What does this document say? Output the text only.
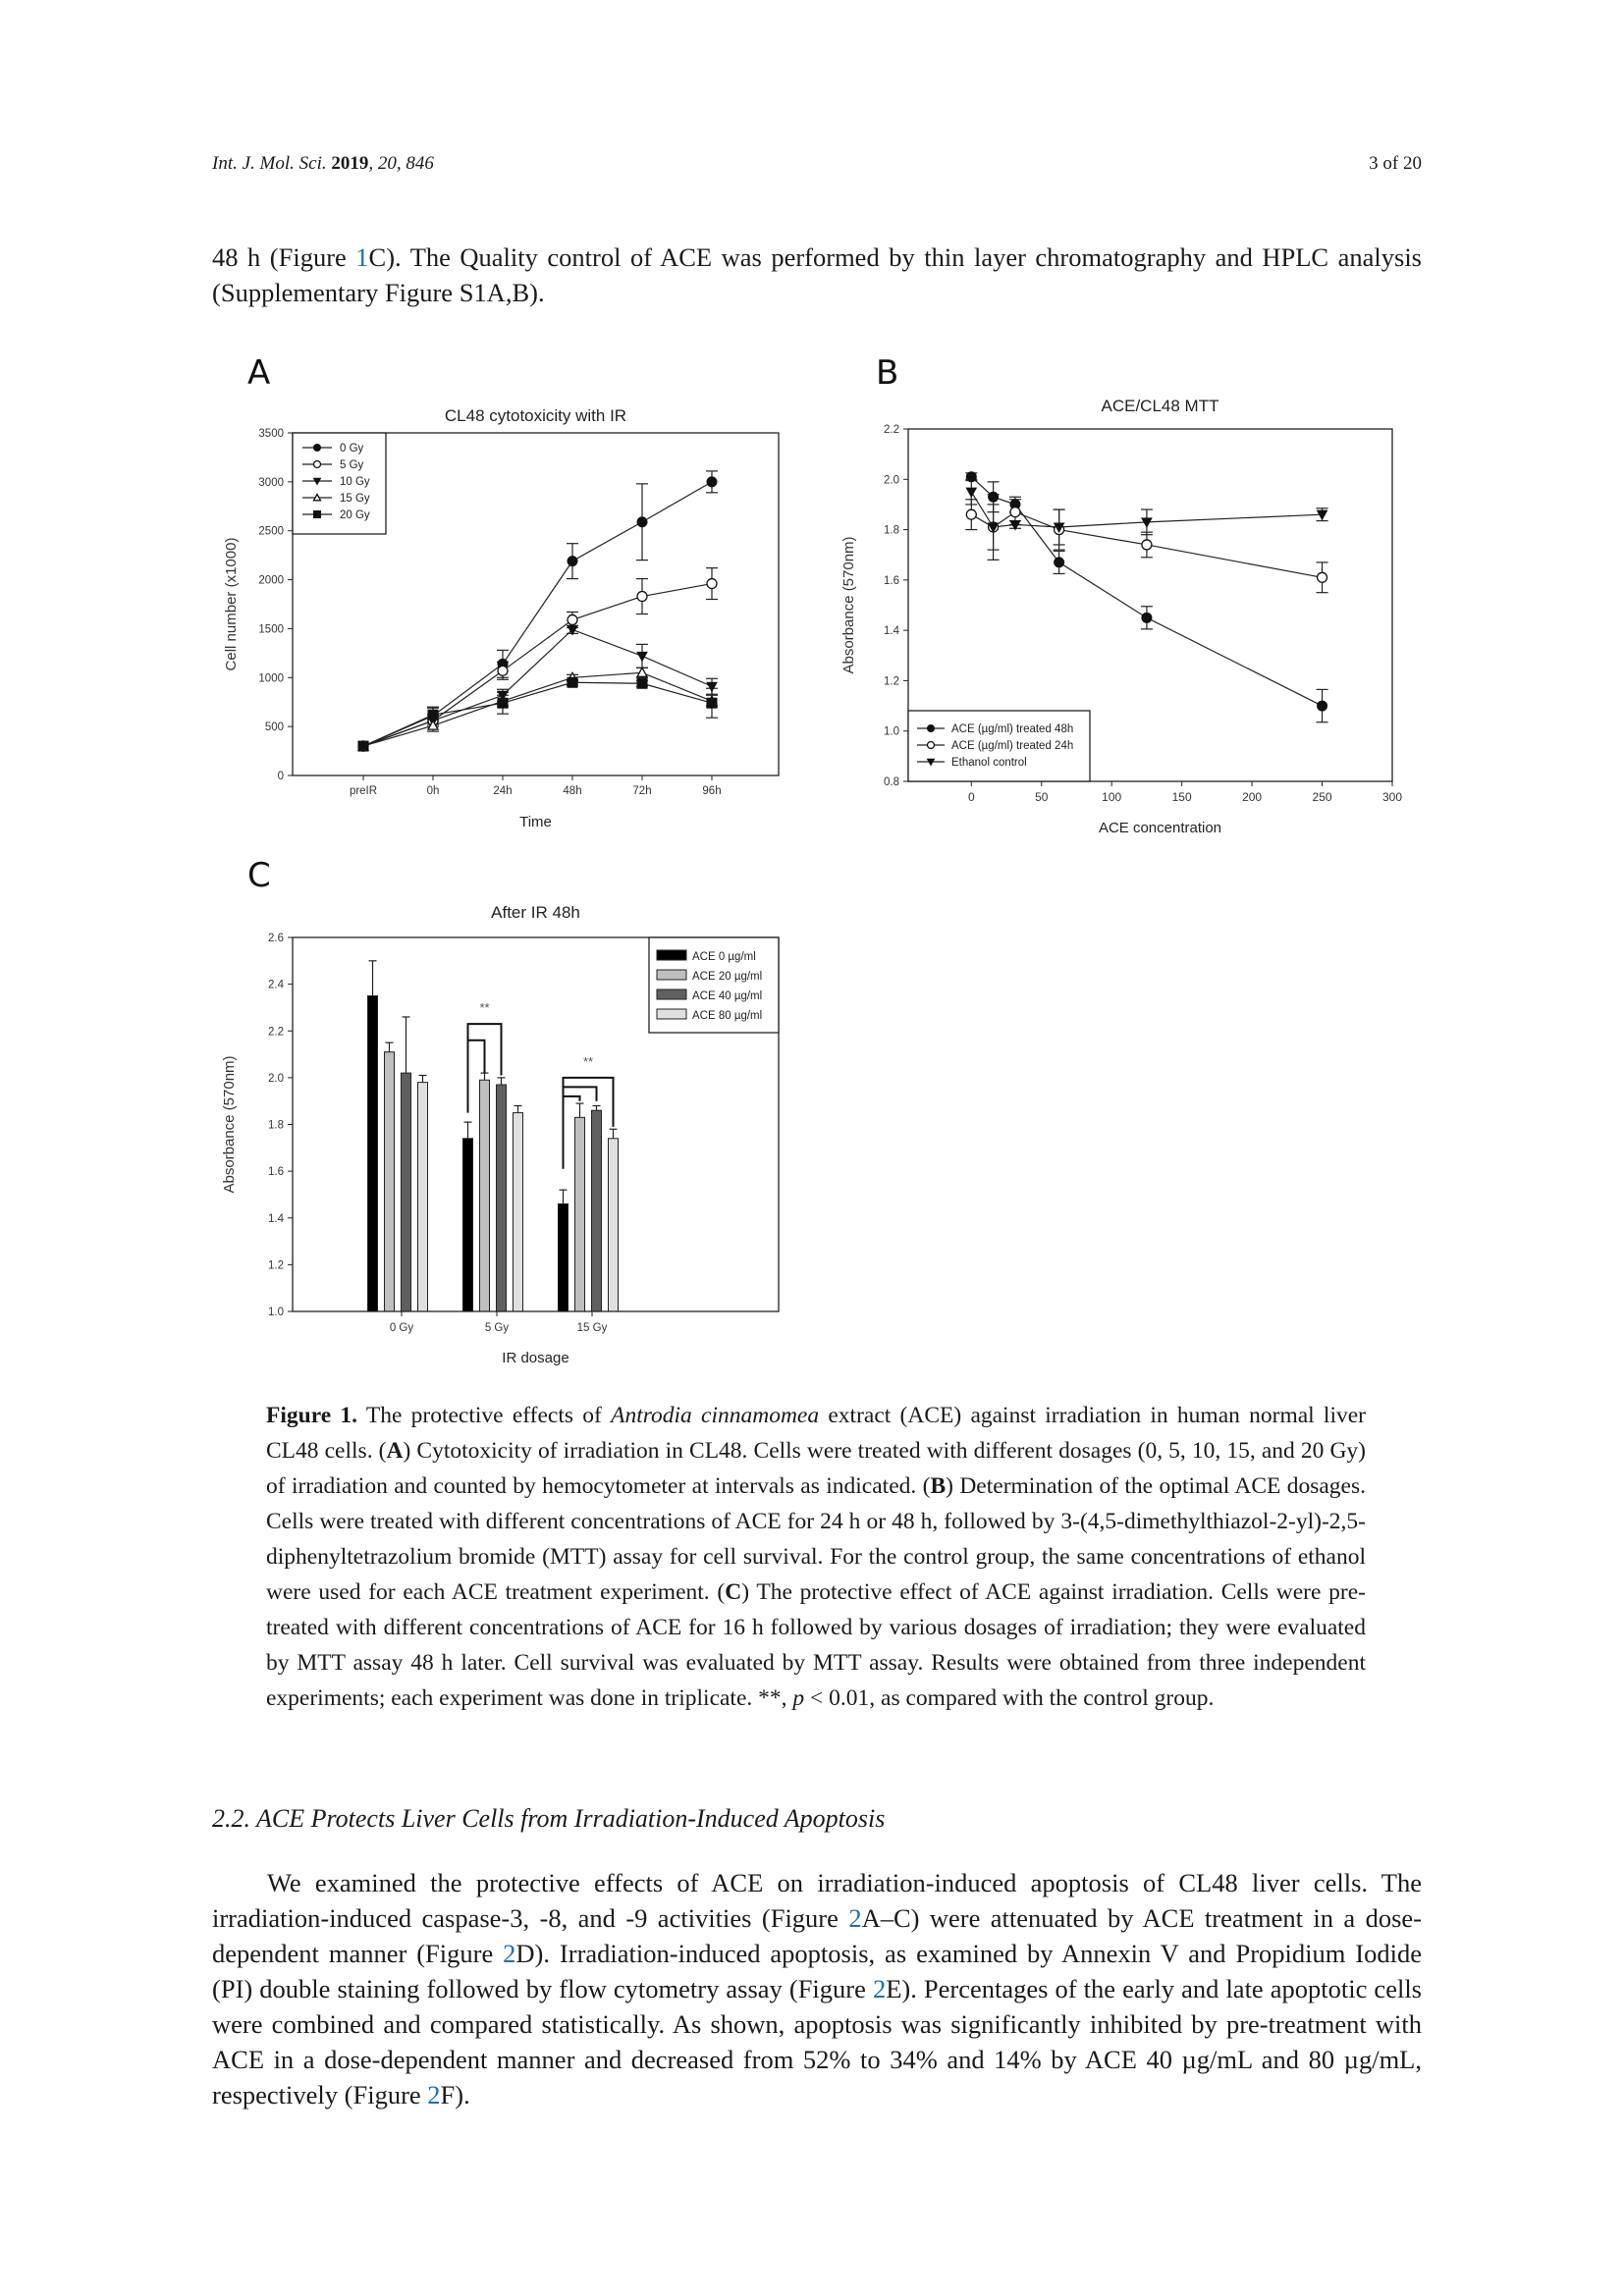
Int. J. Mol. Sci. 2019, 20, 846	3 of 20
48 h (Figure 1C). The Quality control of ACE was performed by thin layer chromatography and HPLC analysis (Supplementary Figure S1A,B).
A	B
C
CL48 cytotoxicity with IR
0
500
1000
1500
2000
2500
3000
3500
preIR	0h	24h	48h	72h	96h
Time
Cell number (x1000)
0 Gy
5 Gy
10 Gy
15 Gy
20 Gy
ACE/CL48 MTT
0.8
1.0
1.2
1.4
1.6
1.8
2.0
2.2
0	50	100	150	200	250	300
ACE concentration
Absorbance (570nm)
ACE (µg/ml) treated 48h
ACE (µg/ml) treated 24h
Ethanol control
After IR 48h
1.0
1.2
1.4
1.6
1.8
2.0
2.2
2.4
2.6
0 Gy	5 Gy	15 Gy
IR dosage
Absorbance (570nm)
**
**
ACE 0 µg/ml
ACE 20 µg/ml
ACE 40 µg/ml
ACE 80 µg/ml
Figure 1. The protective effects of Antrodia cinnamomea extract (ACE) against irradiation in human normal liver CL48 cells. (A) Cytotoxicity of irradiation in CL48. Cells were treated with different dosages (0, 5, 10, 15, and 20 Gy) of irradiation and counted by hemocytometer at intervals as indicated. (B) Determination of the optimal ACE dosages. Cells were treated with different concentrations of ACE for 24 h or 48 h, followed by 3-(4,5-dimethylthiazol-2-yl)-2,5-diphenyltetrazolium bromide (MTT) assay for cell survival. For the control group, the same concentrations of ethanol were used for each ACE treatment experiment. (C) The protective effect of ACE against irradiation. Cells were pre-treated with different concentrations of ACE for 16 h followed by various dosages of irradiation; they were evaluated by MTT assay 48 h later. Cell survival was evaluated by MTT assay. Results were obtained from three independent experiments; each experiment was done in triplicate. **, p < 0.01, as compared with the control group.
2.2. ACE Protects Liver Cells from Irradiation-Induced Apoptosis
We examined the protective effects of ACE on irradiation-induced apoptosis of CL48 liver cells. The irradiation-induced caspase-3, -8, and -9 activities (Figure 2A–C) were attenuated by ACE treatment in a dose-dependent manner (Figure 2D). Irradiation-induced apoptosis, as examined by Annexin V and Propidium Iodide (PI) double staining followed by flow cytometry assay (Figure 2E). Percentages of the early and late apoptotic cells were combined and compared statistically. As shown, apoptosis was significantly inhibited by pre-treatment with ACE in a dose-dependent manner and decreased from 52% to 34% and 14% by ACE 40 µg/mL and 80 µg/mL, respectively (Figure 2F).
